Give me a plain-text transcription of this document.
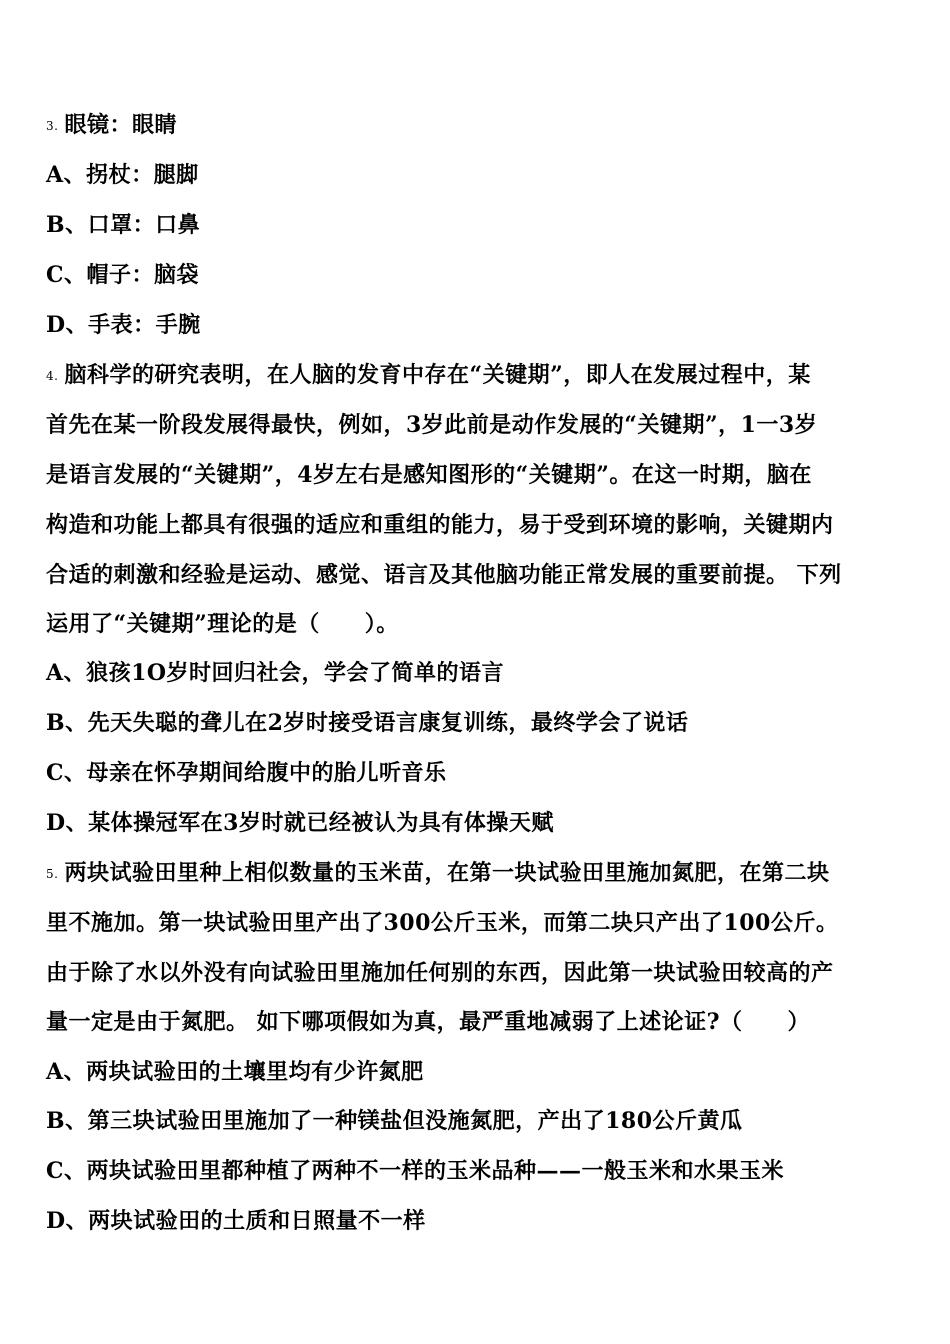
3. 眼镜：眼睛
A、拐杖：腿脚
B、口罩：口鼻
C、帽子：脑袋
D、手表：手腕
4. 脑科学的研究表明，在人脑的发育中存在“关键期”，即人在发展过程中，某
首先在某一阶段发展得最快，例如，3岁此前是动作发展的“关键期”，1一3岁
是语言发展的“关键期”，4岁左右是感知图形的“关键期”。在这一时期，脑在
构造和功能上都具有很强的适应和重组的能力，易于受到环境的影响，关键期内
合适的刺激和经验是运动、感觉、语言及其他脑功能正常发展的重要前提。 下列
运用了“关键期”理论的是（　　）。
A、狼孩1O岁时回归社会，学会了简单的语言
B、先天失聪的聋儿在2岁时接受语言康复训练，最终学会了说话
C、母亲在怀孕期间给腹中的胎儿听音乐
D、某体操冠军在3岁时就已经被认为具有体操天赋
5. 两块试验田里种上相似数量的玉米苗，在第一块试验田里施加氮肥，在第二块
里不施加。第一块试验田里产出了300公斤玉米，而第二块只产出了100公斤。
由于除了水以外没有向试验田里施加任何别的东西，因此第一块试验田较高的产
量一定是由于氮肥。 如下哪项假如为真，最严重地减弱了上述论证?（　　）
A、两块试验田的土壤里均有少许氮肥
B、第三块试验田里施加了一种镁盐但没施氮肥，产出了180公斤黄瓜
C、两块试验田里都种植了两种不一样的玉米品种——一般玉米和水果玉米
D、两块试验田的土质和日照量不一样
